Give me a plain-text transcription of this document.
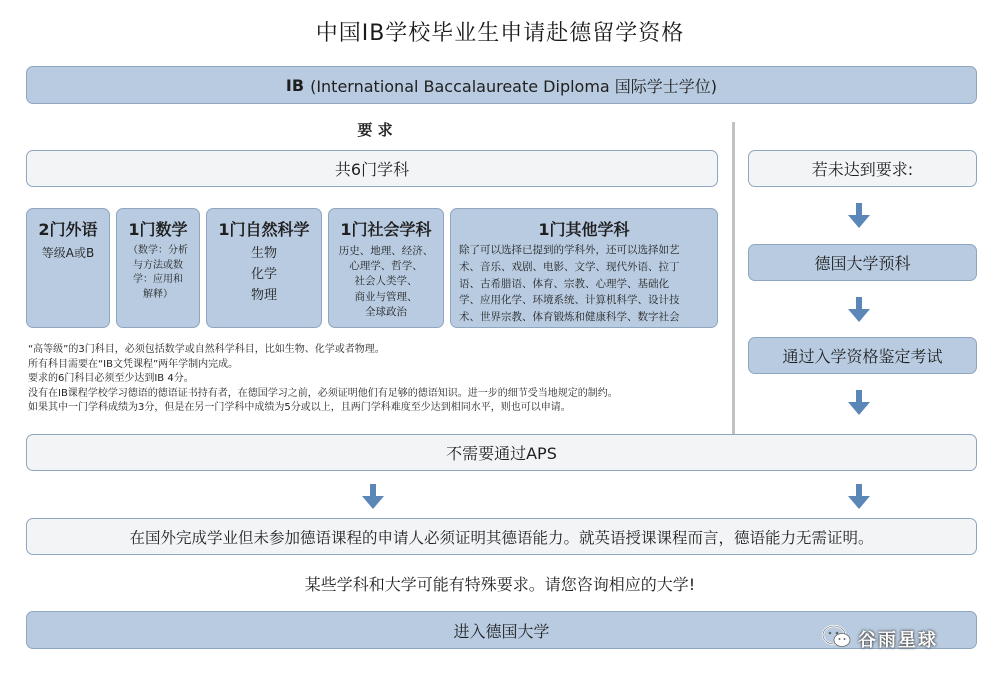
中国IB学校毕业生申请赴德留学资格
IB (International Baccalaureate Diploma 国际学士学位)
要 求
共6门学科
2门外语
等级A或B
1门数学
（数学：分析
与方法或数
学：应用和
解释）
1门自然科学
生物
化学
物理
1门社会学科
历史、地理、经济、
心理学、哲学、
社会人类学、
商业与管理、
全球政治
1门其他学科
除了可以选择已提到的学科外，还可以选择如艺
术、音乐、戏剧、电影、文学、现代外语、拉丁
语、古希腊语、体育、宗教、心理学、基础化
学、应用化学、环境系统、计算机科学、设计技
术、世界宗教、体育锻炼和健康科学、数字社会
“高等级”的3门科目，必须包括数学或自然科学科目，比如生物、化学或者物理。
所有科目需要在“IB文凭课程”两年学制内完成。
要求的6门科目必须至少达到IB 4分。
没有在IB课程学校学习德语的德语证书持有者，在德国学习之前，必须证明他们有足够的德语知识。进一步的细节受当地规定的制约。
如果其中一门学科成绩为3分，但是在另一门学科中成绩为5分或以上，且两门学科难度至少达到相同水平，则也可以申请。
若未达到要求:
德国大学预科
通过入学资格鉴定考试
不需要通过APS
在国外完成学业但未参加德语课程的申请人必须证明其德语能力。就英语授课课程而言，德语能力无需证明。
某些学科和大学可能有特殊要求。请您咨询相应的大学!
进入德国大学	谷雨星球
